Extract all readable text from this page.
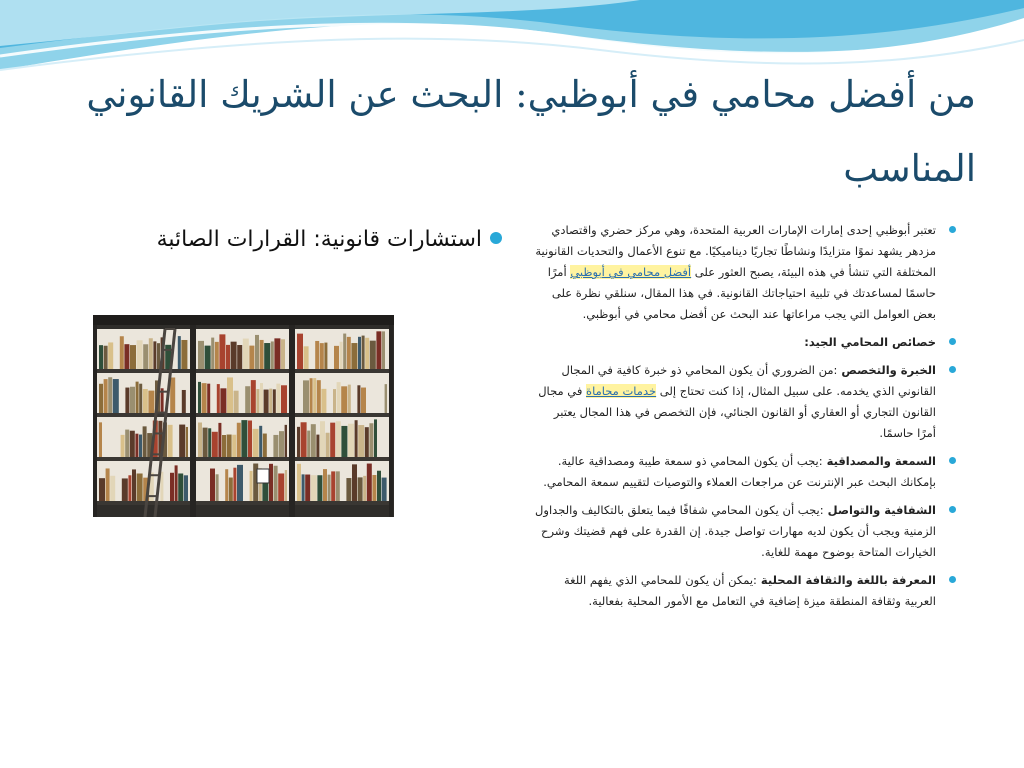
من أفضل محامي في أبوظبي: البحث عن الشريك القانوني المناسب
استشارات قانونية: القرارات الصائبة	تعتبر أبوظبي إحدى إمارات الإمارات العربية المتحدة، وهي مركز حضري واقتصادي مزدهر يشهد نموًا متزايدًا ونشاطًا تجاريًا ديناميكيًا. مع تنوع الأعمال والتحديات القانونية المختلفة التي تنشأ في هذه البيئة، يصبح العثور على أفضل محامي في أبوظبي أمرًا حاسمًا لمساعدتك في تلبية احتياجاتك القانونية. في هذا المقال، سنلقي نظرة على بعض العوامل التي يجب مراعاتها عند البحث عن أفضل محامي في أبوظبي.
خصائص المحامي الجيد:
الخبرة والتخصص :من الضروري أن يكون المحامي ذو خبرة كافية في المجال القانوني الذي يخدمه. على سبيل المثال، إذا كنت تحتاج إلى خدمات محاماة في مجال القانون التجاري أو العقاري أو القانون الجنائي، فإن التخصص في هذا المجال يعتبر أمرًا حاسمًا.
السمعة والمصداقية :يجب أن يكون المحامي ذو سمعة طيبة ومصداقية عالية. بإمكانك البحث عبر الإنترنت عن مراجعات العملاء والتوصيات لتقييم سمعة المحامي.
الشفافية والتواصل :يجب أن يكون المحامي شفافًا فيما يتعلق بالتكاليف والجداول الزمنية ويجب أن يكون لديه مهارات تواصل جيدة. إن القدرة على فهم قضيتك وشرح الخيارات المتاحة بوضوح مهمة للغاية.
المعرفة باللغة والثقافة المحلية :يمكن أن يكون للمحامي الذي يفهم اللغة العربية وثقافة المنطقة ميزة إضافية في التعامل مع الأمور المحلية بفعالية.
